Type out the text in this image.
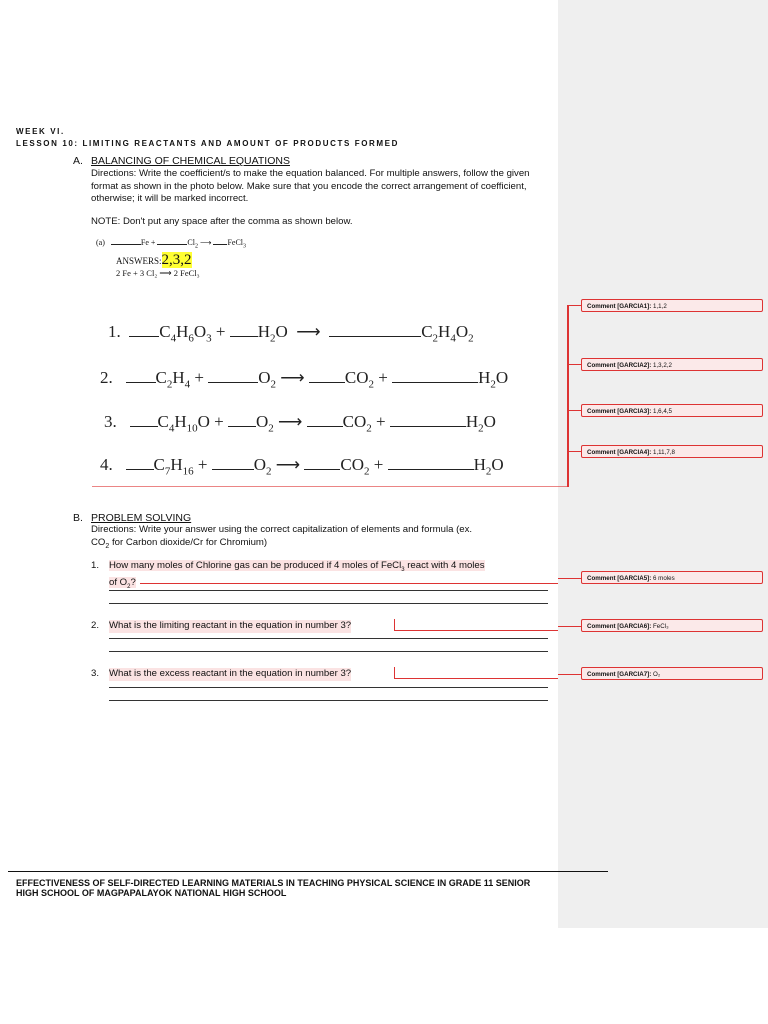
WEEK VI.
LESSON 10: LIMITING REACTANTS AND AMOUNT OF PRODUCTS FORMED
A. BALANCING OF CHEMICAL EQUATIONS
Directions: Write the coefficient/s to make the equation balanced. For multiple answers, follow the given format as shown in the photo below. Make sure that you encode the correct arrangement of coefficient, otherwise; it will be marked incorrect.
NOTE: Don't put any space after the comma as shown below.
(a)	Fe +	$Cl_2$ ⟶ FeCl$_3$
ANSWERS:2,3,2
2 Fe + 3 Cl₂ ⟶ 2 FeCl₃
1. $C_4H_6O_3 + H_2O$  ⟶	$C_2H_4O_2$
2.	$C_2H_4$ +	$O_2$ ⟶ $CO_2$ +	$H_2O$
3. $C_4H_{10}O + O_2$ ⟶ $CO_2$ +	$H_2O$
4. $C_7H_{16} + O_2$ ⟶ $CO_2$ +	$H_2O$
B. PROBLEM SOLVING
Directions: Write your answer using the correct capitalization of elements and formula (ex.
$CO_2$ for Carbon dioxide/Cr for Chromium)
1. How many moles of Chlorine gas can be produced if 4 moles of FeCl$_3$ react with 4 moles
of $O_2$?
2. What is the limiting reactant in the equation in number 3?
3. What is the excess reactant in the equation in number 3?
Comment [GARCIA1]: 1,1,2
Comment [GARCIA2]: 1,3,2,2
Comment [GARCIA3]: 1,6,4,5
Comment [GARCIA4]: 1,11,7,8
Comment [GARCIA5]: 6 moles
Comment [GARCIA6]: FeCl₃
Comment [GARCIA7]: O₂
EFFECTIVENESS OF SELF-DIRECTED LEARNING MATERIALS IN TEACHING PHYSICAL SCIENCE IN GRADE 11 SENIOR
HIGH SCHOOL OF MAGPAPALAYOK NATIONAL HIGH SCHOOL
